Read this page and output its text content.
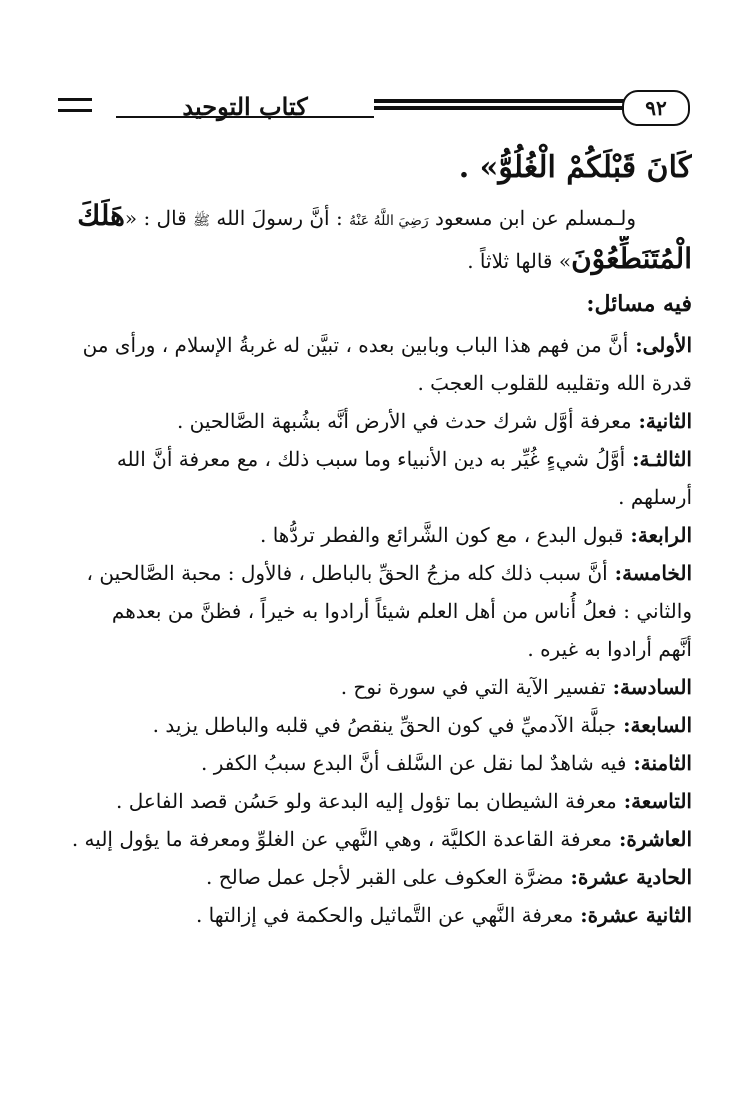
كتاب التوحيد	٩٢
كَانَ قَبْلَكُمْ الْغُلُوُّ» .
ولـمسلم عن ابن مسعود رَضِيَ اللَّهُ عَنْهُ : أنَّ رسولَ الله ﷺ قال : «هَلَكَ
الْمُتَنَطِّعُوْنَ» قالها ثلاثاً .
فيه مسائل:
الأولى: أنَّ من فهم هذا الباب وبابين بعده ، تبيَّن له غربةُ الإسلام ، ورأى من
قدرة الله وتقليبه للقلوب العجبَ .
الثانية: معرفة أوَّل شرك حدث في الأرض أنَّه بشُبهة الصَّالحين .
الثالثـة: أوَّلُ شيءٍ غُيِّر به دين الأنبياء وما سبب ذلك ، مع معرفة أنَّ الله
أرسلهم .
الرابعة: قبول البدع ، مع كون الشَّرائع والفطر تردُّها .
الخامسة: أنَّ سبب ذلك كله مزجُ الحقِّ بالباطل ، فالأول : محبة الصَّالحين ،
والثاني : فعلُ أُناس من أهل العلم شيئاً أرادوا به خيراً ، فظنَّ من بعدهم
أنَّهم أرادوا به غيره .
السادسة: تفسير الآية التي في سورة نوح .
السابعة: جبلَّة الآدميِّ في كون الحقِّ ينقصُ في قلبه والباطل يزيد .
الثامنة: فيه شاهدٌ لما نقل عن السَّلف أنَّ البدع سببُ الكفر .
التاسعة: معرفة الشيطان بما تؤول إليه البدعة ولو حَسُن قصد الفاعل .
العاشرة: معرفة القاعدة الكليَّة ، وهي النَّهي عن الغلوِّ ومعرفة ما يؤول إليه .
الحادية عشرة: مضرَّة العكوف على القبر لأجل عمل صالح .
الثانية عشرة: معرفة النَّهي عن التَّماثيل والحكمة في إزالتها .
